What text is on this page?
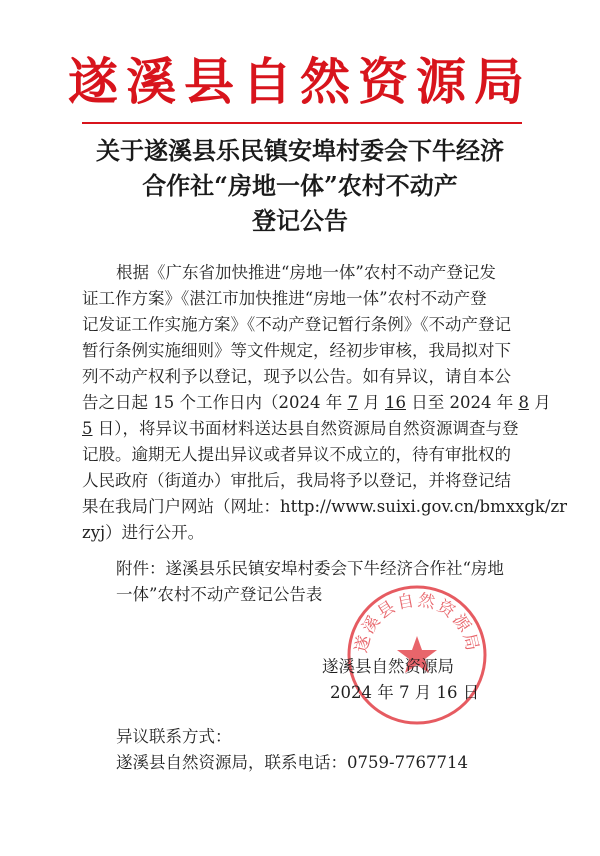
遂溪县自然资源局
关于遂溪县乐民镇安埠村委会下牛经济
合作社“房地一体”农村不动产
登记公告
根据《广东省加快推进“房地一体”农村不动产登记发
证工作方案》《湛江市加快推进“房地一体”农村不动产登
记发证工作实施方案》《不动产登记暂行条例》《不动产登记
暂行条例实施细则》等文件规定，经初步审核，我局拟对下
列不动产权利予以登记，现予以公告。如有异议，请自本公
告之日起 15 个工作日内（2024 年 7 月 16 日至 2024 年 8 月
5 日），将异议书面材料送达县自然资源局自然资源调查与登
记股。逾期无人提出异议或者异议不成立的，待有审批权的
人民政府（街道办）审批后，我局将予以登记，并将登记结
果在我局门户网站（网址：http://www.suixi.gov.cn/bmxxgk/zr
zyj）进行公开。
附件：遂溪县乐民镇安埠村委会下牛经济合作社“房地
一体”农村不动产登记公告表
遂溪县自然资源局
遂溪县自然资源局
2024 年 7 月 16 日
异议联系方式：
遂溪县自然资源局，联系电话：0759-7767714
